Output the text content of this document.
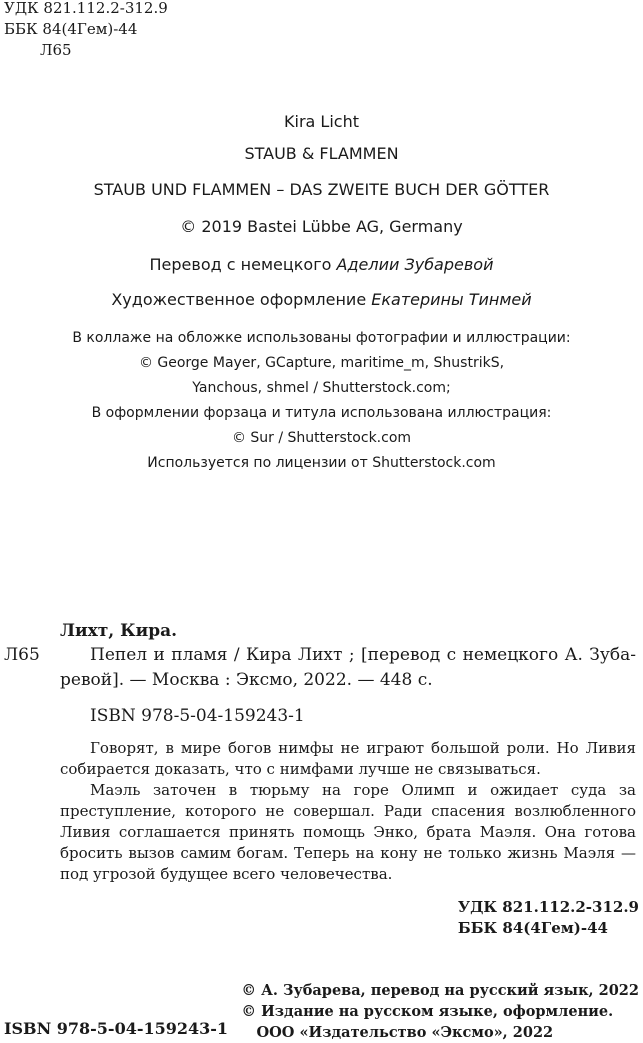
УДК 821.112.2-312.9
ББК 84(4Гем)-44
Л65
Kira Licht
STAUB & FLAMMEN
STAUB UND FLAMMEN – DAS ZWEITE BUCH DER GÖTTER
© 2019 Bastei Lübbe AG, Germany
Перевод с немецкого Аделии Зубаревой
Художественное оформление Екатерины Тинмей
В коллаже на обложке использованы фотографии и иллюстрации:
© George Mayer, GCapture, maritime_m, ShustrikS,
Yanchous, shmel / Shutterstock.com;
В оформлении форзаца и титула использована иллюстрация:
© Sur / Shutterstock.com
Используется по лицензии от Shutterstock.com
Лихт, Кира.
Л65	Пепел и пламя / Кира Лихт ; [перевод с немецкого А. Зуба-
ревой]. — Москва : Эксмо, 2022. — 448 с.
ISBN 978-5-04-159243-1
Говорят, в мире богов нимфы не играют большой роли. Но Ливия собирается доказать, что с нимфами лучше не связываться.
Маэль заточен в тюрьму на горе Олимп и ожидает суда за преступление, которого не совершал. Ради спасения возлюбленного Ливия соглашается принять помощь Энко, брата Маэля. Она готова бросить вызов самим богам. Теперь на кону не только жизнь Маэля — под угрозой будущее всего человечества.
УДК 821.112.2-312.9
ББК 84(4Гем)-44
© А. Зубарева, перевод на русский язык, 2022
© Издание на русском языке, оформление.
ООО «Издательство «Эксмо», 2022
ISBN 978-5-04-159243-1
